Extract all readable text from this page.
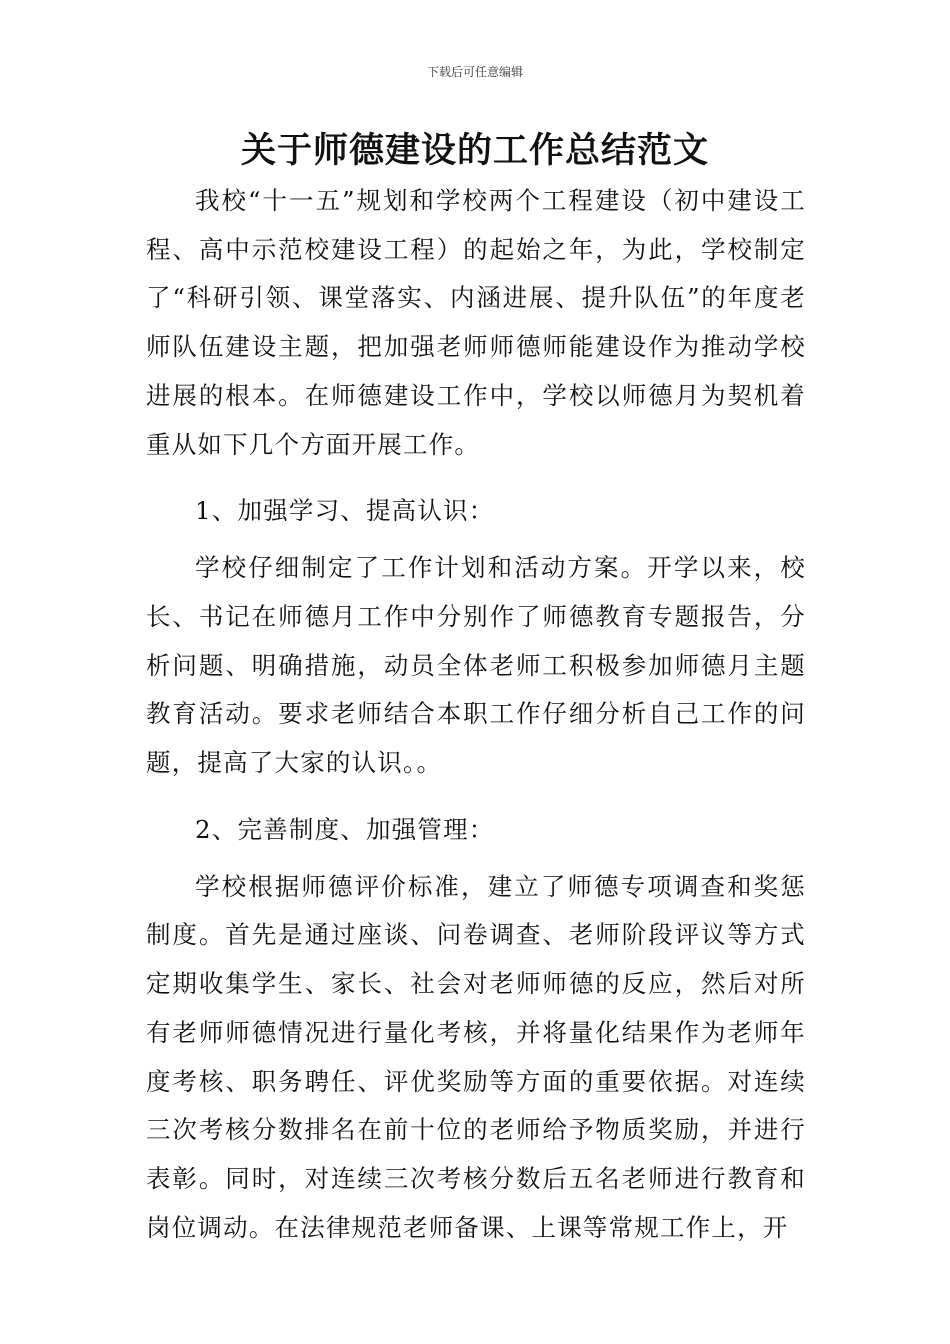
下载后可任意编辑
关于师德建设的工作总结范文

我校“十一五”规划和学校两个工程建设（初中建设工程、高中示范校建设工程）的起始之年，为此，学校制定了“科研引领、课堂落实、内涵进展、提升队伍”的年度老师队伍建设主题，把加强老师师德师能建设作为推动学校进展的根本。在师德建设工作中，学校以师德月为契机着重从如下几个方面开展工作。

1、加强学习、提高认识：

学校仔细制定了工作计划和活动方案。开学以来，校长、书记在师德月工作中分别作了师德教育专题报告，分析问题、明确措施，动员全体老师工积极参加师德月主题教育活动。要求老师结合本职工作仔细分析自己工作的问题，提高了大家的认识。。

2、完善制度、加强管理：

学校根据师德评价标准，建立了师德专项调查和奖惩制度。首先是通过座谈、问卷调查、老师阶段评议等方式定期收集学生、家长、社会对老师师德的反应，然后对所有老师师德情况进行量化考核，并将量化结果作为老师年度考核、职务聘任、评优奖励等方面的重要依据。对连续三次考核分数排名在前十位的老师给予物质奖励，并进行表彰。同时，对连续三次考核分数后五名老师进行教育和岗位调动。在法律规范老师备课、上课等常规工作上，开
